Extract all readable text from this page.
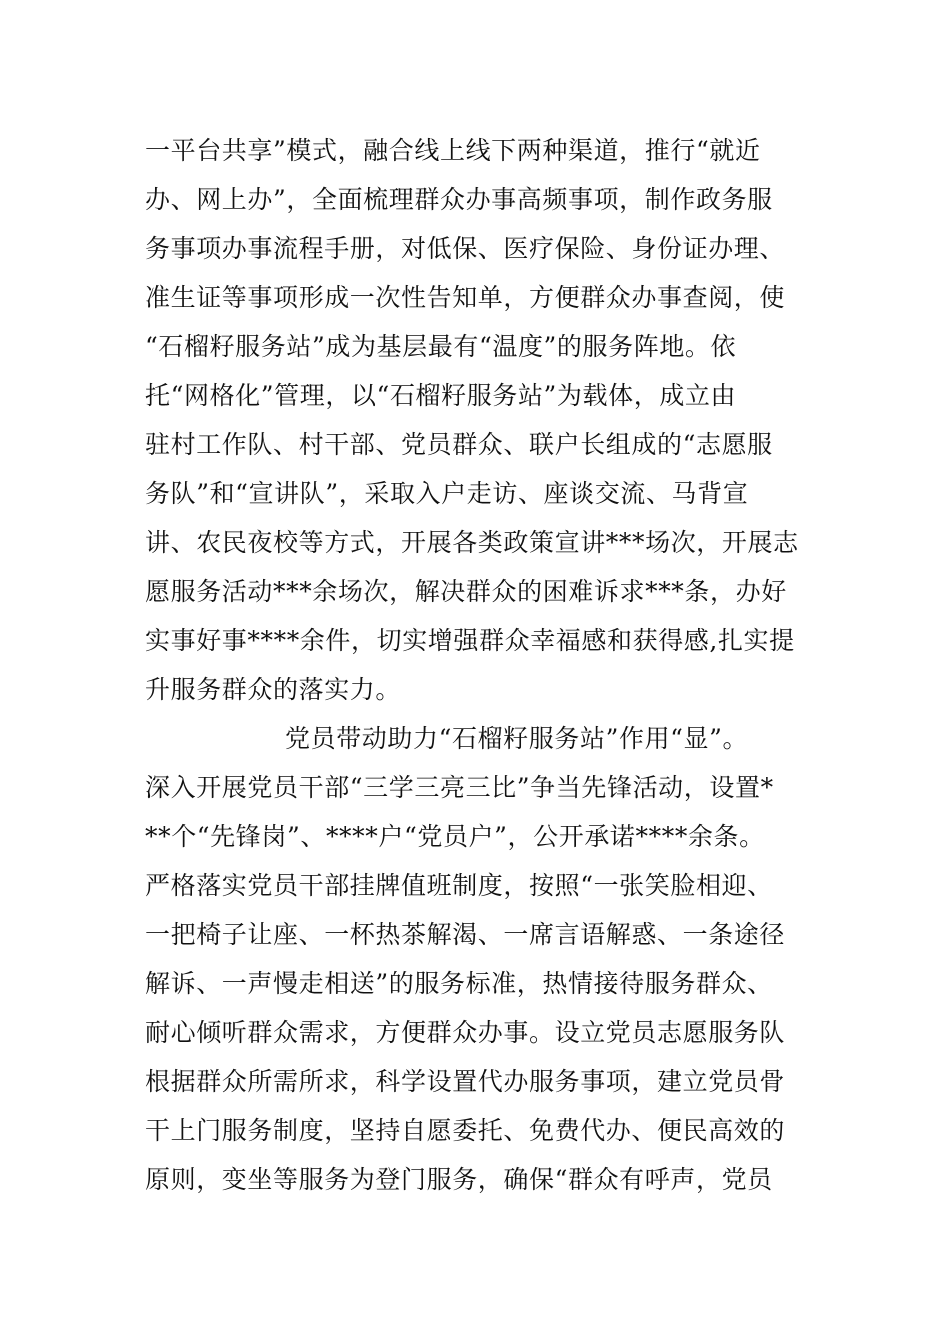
一平台共享”模式，融合线上线下两种渠道，推行“就近
办、网上办”，全面梳理群众办事高频事项，制作政务服
务事项办事流程手册，对低保、医疗保险、身份证办理、
准生证等事项形成一次性告知单，方便群众办事查阅，使
“石榴籽服务站”成为基层最有“温度”的服务阵地。依
托“网格化”管理，以“石榴籽服务站”为载体，成立由
驻村工作队、村干部、党员群众、联户长组成的“志愿服
务队”和“宣讲队”，采取入户走访、座谈交流、马背宣
讲、农民夜校等方式，开展各类政策宣讲***场次，开展志
愿服务活动***余场次，解决群众的困难诉求***条，办好
实事好事****余件，切实增强群众幸福感和获得感,扎实提
升服务群众的落实力。
党员带动助力“石榴籽服务站”作用“显”。
深入开展党员干部“三学三亮三比”争当先锋活动，设置*
**个“先锋岗”、****户“党员户”，公开承诺****余条。
严格落实党员干部挂牌值班制度，按照“一张笑脸相迎、
一把椅子让座、一杯热茶解渴、一席言语解惑、一条途径
解诉、一声慢走相送”的服务标准，热情接待服务群众、
耐心倾听群众需求，方便群众办事。设立党员志愿服务队
根据群众所需所求，科学设置代办服务事项，建立党员骨
干上门服务制度，坚持自愿委托、免费代办、便民高效的
原则，变坐等服务为登门服务，确保“群众有呼声，党员
